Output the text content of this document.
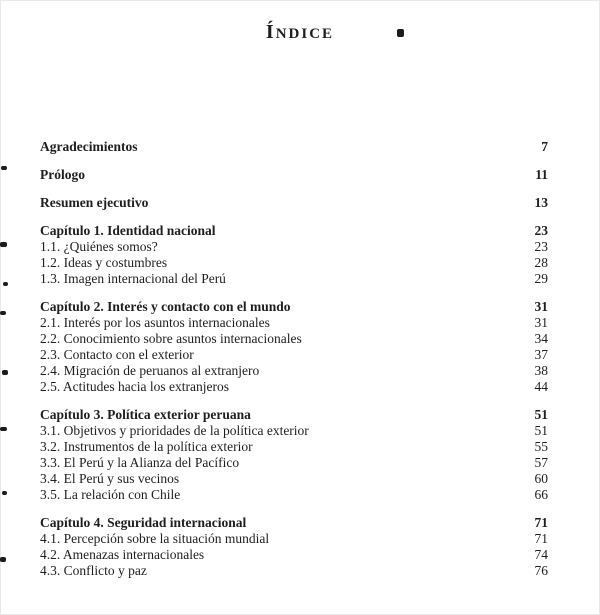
ÍNDICE
Agradecimientos	7
Prólogo	11
Resumen ejecutivo	13
Capítulo 1. Identidad nacional	23
1.1. ¿Quiénes somos?	23
1.2. Ideas y costumbres	28
1.3. Imagen internacional del Perú	29
Capítulo 2. Interés y contacto con el mundo	31
2.1. Interés por los asuntos internacionales	31
2.2. Conocimiento sobre asuntos internacionales	34
2.3. Contacto con el exterior	37
2.4. Migración de peruanos al extranjero	38
2.5. Actitudes hacia los extranjeros	44
Capítulo 3. Política exterior peruana	51
3.1. Objetivos y prioridades de la política exterior	51
3.2. Instrumentos de la política exterior	55
3.3. El Perú y la Alianza del Pacífico	57
3.4. El Perú y sus vecinos	60
3.5. La relación con Chile	66
Capítulo 4. Seguridad internacional	71
4.1. Percepción sobre la situación mundial	71
4.2. Amenazas internacionales	74
4.3. Conflicto y paz	76
